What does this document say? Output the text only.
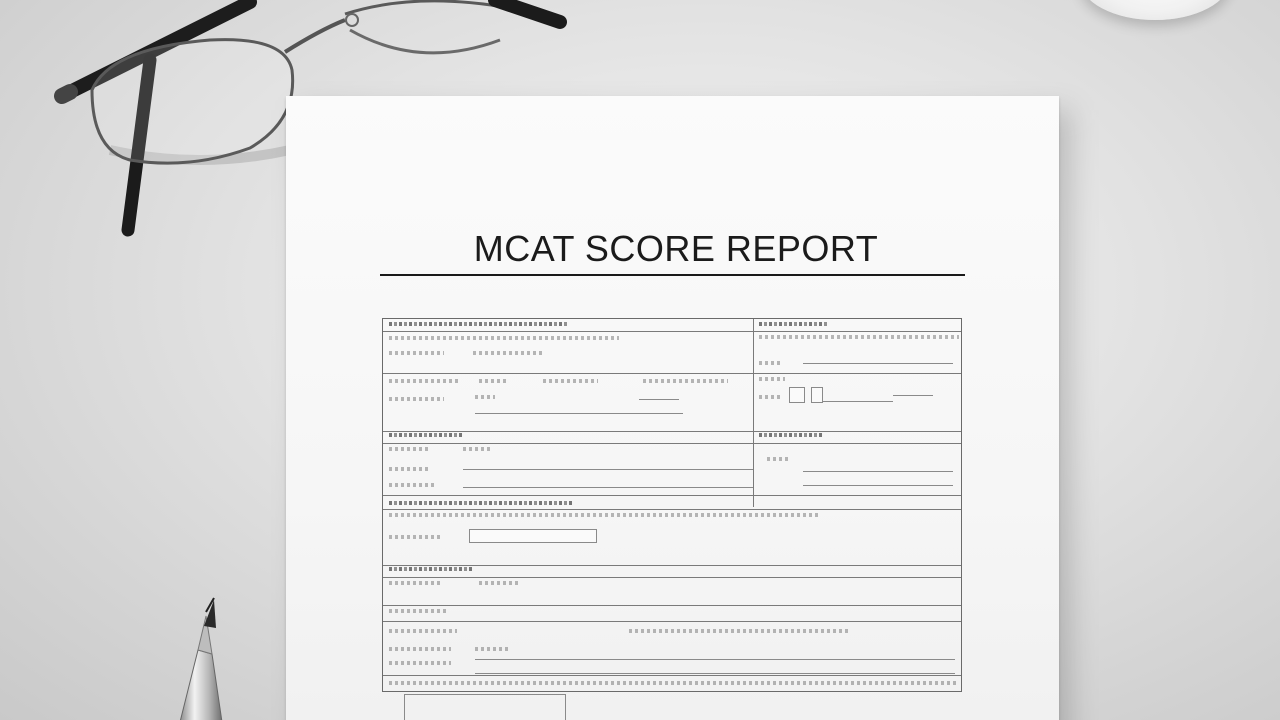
MCAT SCORE REPORT
